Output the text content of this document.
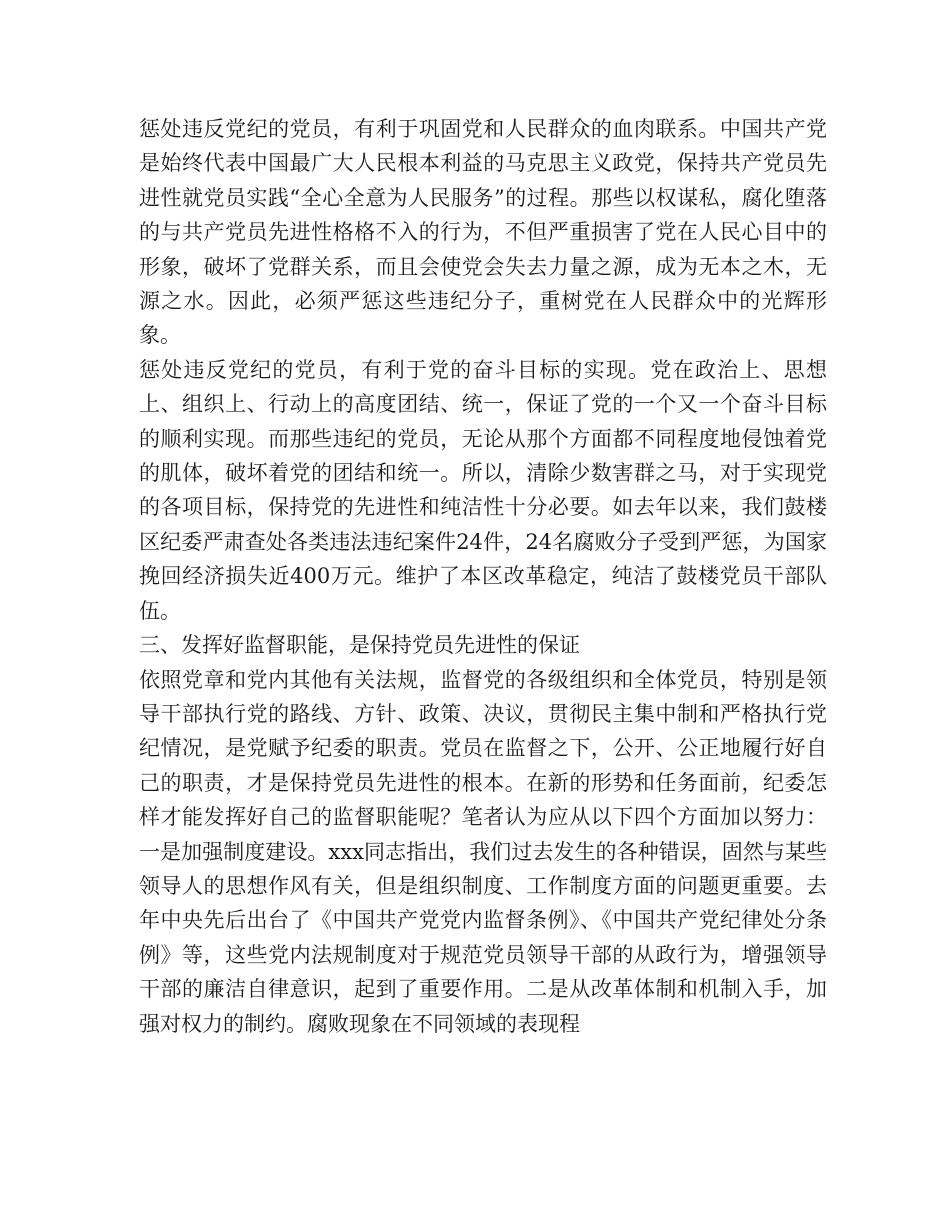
惩处违反党纪的党员，有利于巩固党和人民群众的血肉联系。中国共产党是始终代表中国最广大人民根本利益的马克思主义政党，保持共产党员先进性就党员实践“全心全意为人民服务”的过程。那些以权谋私，腐化堕落的与共产党员先进性格格不入的行为，不但严重损害了党在人民心目中的形象，破坏了党群关系，而且会使党会失去力量之源，成为无本之木，无源之水。因此，必须严惩这些违纪分子，重树党在人民群众中的光辉形象。

惩处违反党纪的党员，有利于党的奋斗目标的实现。党在政治上、思想上、组织上、行动上的高度团结、统一，保证了党的一个又一个奋斗目标的顺利实现。而那些违纪的党员，无论从那个方面都不同程度地侵蚀着党的肌体，破坏着党的团结和统一。所以，清除少数害群之马，对于实现党的各项目标，保持党的先进性和纯洁性十分必要。如去年以来，我们鼓楼区纪委严肃查处各类违法违纪案件24件，24名腐败分子受到严惩，为国家挽回经济损失近400万元。维护了本区改革稳定，纯洁了鼓楼党员干部队伍。

三、发挥好监督职能，是保持党员先进性的保证

依照党章和党内其他有关法规，监督党的各级组织和全体党员，特别是领导干部执行党的路线、方针、政策、决议，贯彻民主集中制和严格执行党纪情况，是党赋予纪委的职责。党员在监督之下，公开、公正地履行好自己的职责，才是保持党员先进性的根本。在新的形势和任务面前，纪委怎样才能发挥好自己的监督职能呢？笔者认为应从以下四个方面加以努力：一是加强制度建设。xxx同志指出，我们过去发生的各种错误，固然与某些领导人的思想作风有关，但是组织制度、工作制度方面的问题更重要。去年中央先后出台了《中国共产党党内监督条例》、《中国共产党纪律处分条例》等，这些党内法规制度对于规范党员领导干部的从政行为，增强领导干部的廉洁自律意识，起到了重要作用。二是从改革体制和机制入手，加强对权力的制约。腐败现象在不同领域的表现程
